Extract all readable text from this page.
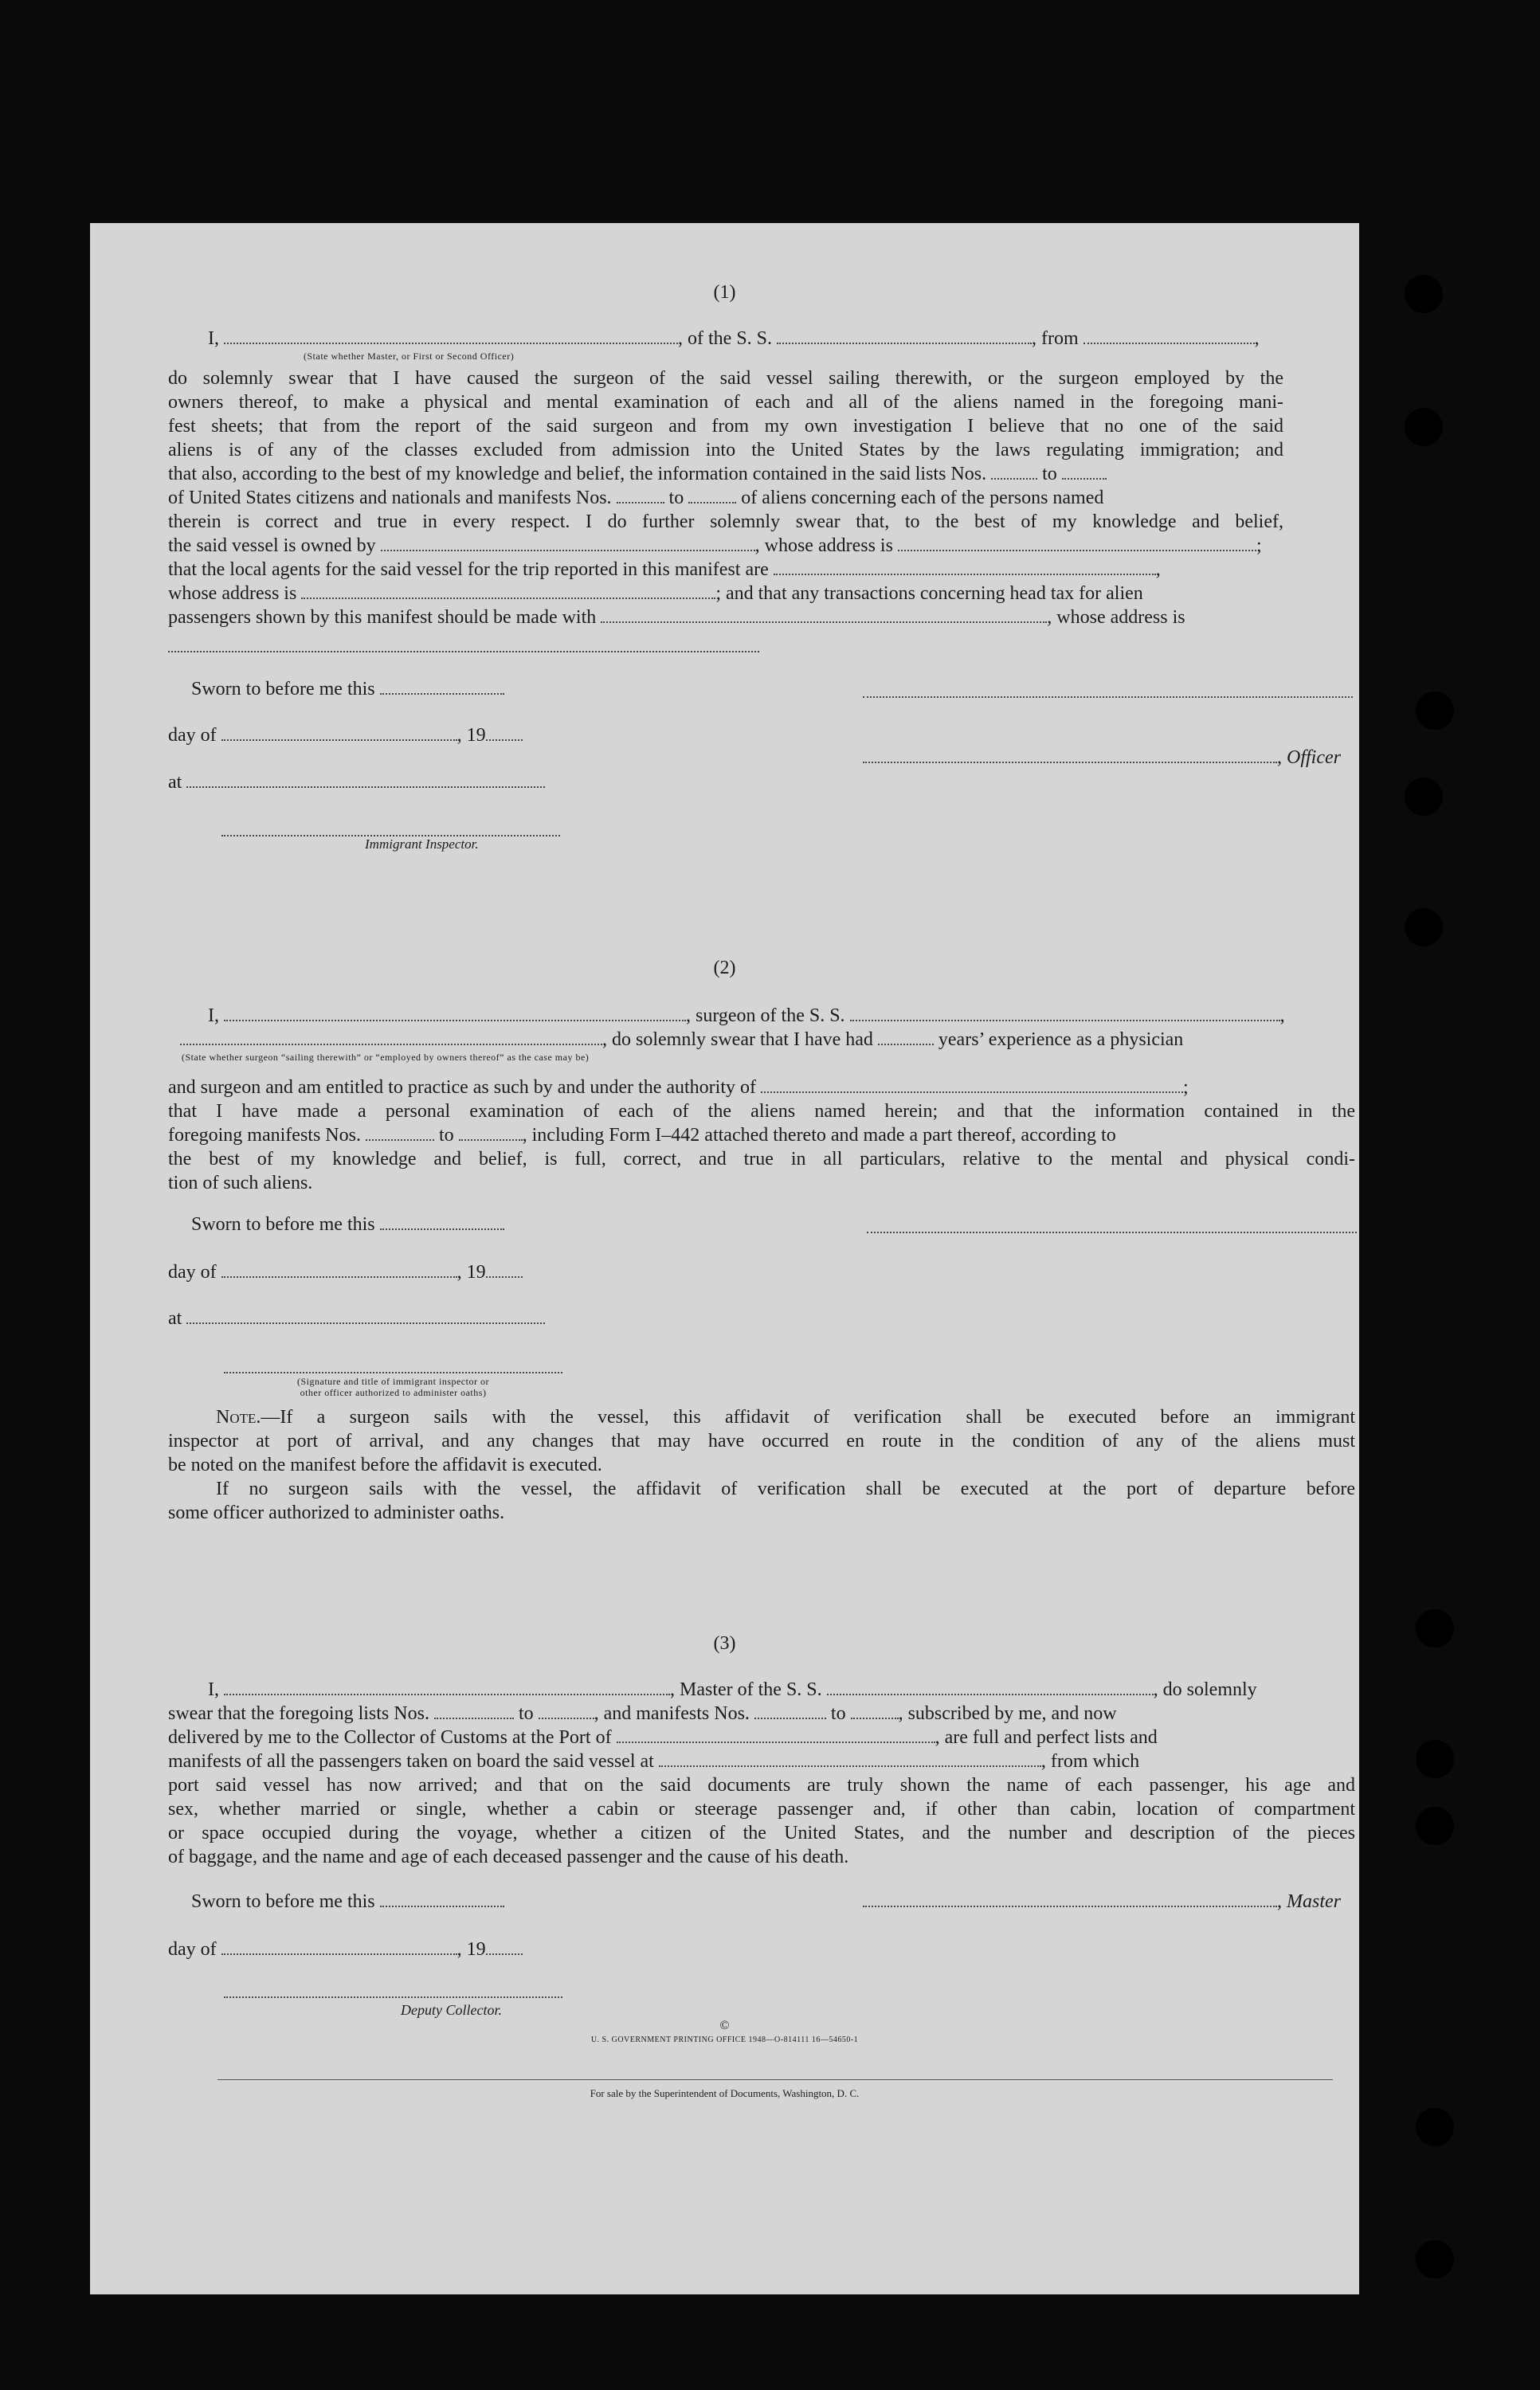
(1)
I,	, of the S. S.	, from	,
(State whether Master, or First or Second Officer)
do solemnly swear that I have caused the surgeon of the said vessel sailing therewith, or the surgeon employed by the
owners thereof, to make a physical and mental examination of each and all of the aliens named in the foregoing mani-
fest sheets; that from the report of the said surgeon and from my own investigation I believe that no one of the said
aliens is of any of the classes excluded from admission into the United States by the laws regulating immigration; and
that also, according to the best of my knowledge and belief, the information contained in the said lists Nos.	to
of United States citizens and nationals and manifests Nos.	to	of aliens concerning each of the persons named
therein is correct and true in every respect. I do further solemnly swear that, to the best of my knowledge and belief,
the said vessel is owned by	, whose address is	;
that the local agents for the said vessel for the trip reported in this manifest are	,
whose address is	; and that any transactions concerning head tax for alien
passengers shown by this manifest should be made with	, whose address is
Sworn to before me this
day of	, 19
, Officer
at
Immigrant Inspector.
(2)
I,	, surgeon of the S. S.	,
, do solemnly swear that I have had	years’ experience as a physician
(State whether surgeon “sailing therewith” or “employed by owners thereof” as the case may be)
and surgeon and am entitled to practice as such by and under the authority of	;
that I have made a personal examination of each of the aliens named herein; and that the information contained in the
foregoing manifests Nos.	to	, including Form I–442 attached thereto and made a part thereof, according to
the best of my knowledge and belief, is full, correct, and true in all particulars, relative to the mental and physical condi-
tion of such aliens.
Sworn to before me this
day of	, 19
at
(Signature and title of immigrant inspector or
other officer authorized to administer oaths)
Note.—If a surgeon sails with the vessel, this affidavit of verification shall be executed before an immigrant
inspector at port of arrival, and any changes that may have occurred en route in the condition of any of the aliens must
be noted on the manifest before the affidavit is executed.
If no surgeon sails with the vessel, the affidavit of verification shall be executed at the port of departure before
some officer authorized to administer oaths.
(3)
I,	, Master of the S. S.	, do solemnly
swear that the foregoing lists Nos.	to	, and manifests Nos.	to	, subscribed by me, and now
delivered by me to the Collector of Customs at the Port of	, are full and perfect lists and
manifests of all the passengers taken on board the said vessel at	, from which
port said vessel has now arrived; and that on the said documents are truly shown the name of each passenger, his age and
sex, whether married or single, whether a cabin or steerage passenger and, if other than cabin, location of compartment
or space occupied during the voyage, whether a citizen of the United States, and the number and description of the pieces
of baggage, and the name and age of each deceased passenger and the cause of his death.
Sworn to before me this	, Master
day of	, 19
Deputy Collector.
©
U. S. GOVERNMENT PRINTING OFFICE 1948—O-814111 16—54650-1
For sale by the Superintendent of Documents, Washington, D. C.
